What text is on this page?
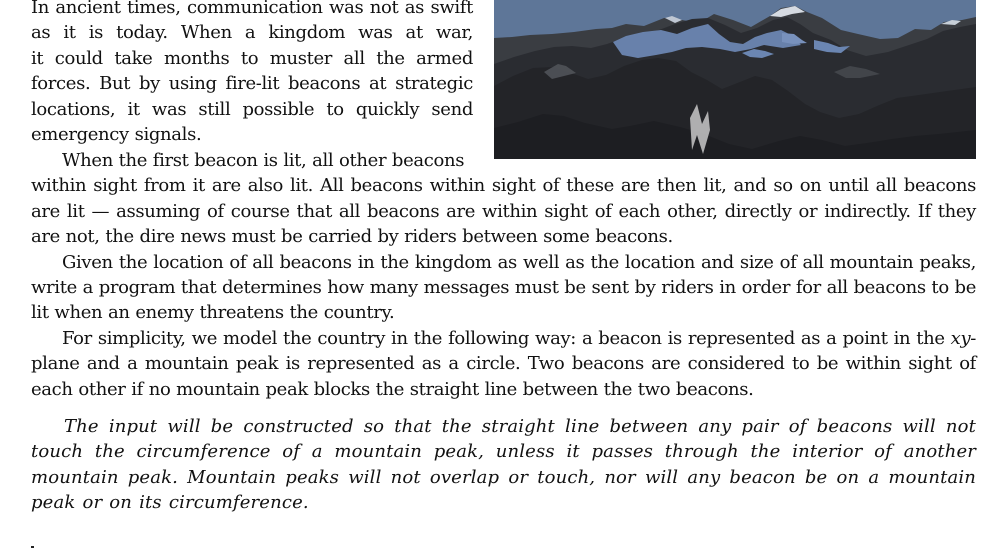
In ancient times, communication was not as swift
as it is today. When a kingdom was at war,
it could take months to muster all the armed
forces. But by using fire-lit beacons at strategic
locations, it was still possible to quickly send
emergency signals.

When the first beacon is lit, all other beacons
within sight from it are also lit. All beacons within sight of these are then lit, and so on until all beacons are lit — assuming of course that all beacons are within sight of each other, directly or indirectly. If they are not, the dire news must be carried by riders between some beacons.

Given the location of all beacons in the kingdom as well as the location and size of all mountain peaks, write a program that determines how many messages must be sent by riders in order for all beacons to be lit when an enemy threatens the country.

For simplicity, we model the country in the following way: a beacon is represented as a point in the xy-plane and a mountain peak is represented as a circle. Two beacons are considered to be within sight of each other if no mountain peak blocks the straight line between the two beacons.

The input will be constructed so that the straight line between any pair of beacons will not touch the circumference of a mountain peak, unless it passes through the interior of another mountain peak. Mountain peaks will not overlap or touch, nor will any beacon be on a mountain peak or on its circumference.
